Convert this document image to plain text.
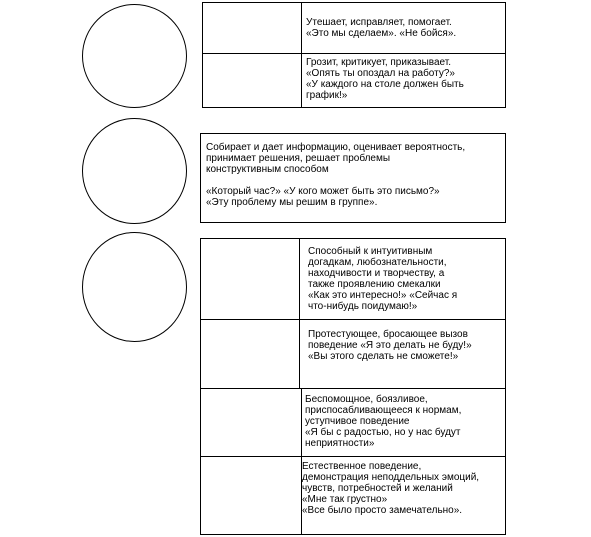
Утешает, исправляет, помогает.
«Это мы сделаем». «Не бойся».

Грозит, критикует, приказывает.
«Опять ты опоздал на работу?»
«У каждого на столе должен быть
график!»

Собирает и дает информацию, оценивает вероятность,
принимает решения, решает проблемы
конструктивным способом

«Который час?» «У кого может быть это письмо?»
«Эту проблему мы решим в группе».

Способный к интуитивным
догадкам, любознательности,
находчивости и творчеству, а
также проявлению смекалки
«Как это интересно!» «Сейчас я
что-нибудь поидумаю!»

Протестующее, бросающее вызов
поведение «Я это делать не буду!»
«Вы этого сделать не сможете!»

Беспомощное, боязливое,
приспосабливающееся к нормам,
уступчивое поведение
«Я бы с радостью, но у нас будут
неприятности»

Естественное поведение,
демонстрация неподдельных эмоций,
чувств, потребностей и желаний
«Мне так грустно»
«Все было просто замечательно».
